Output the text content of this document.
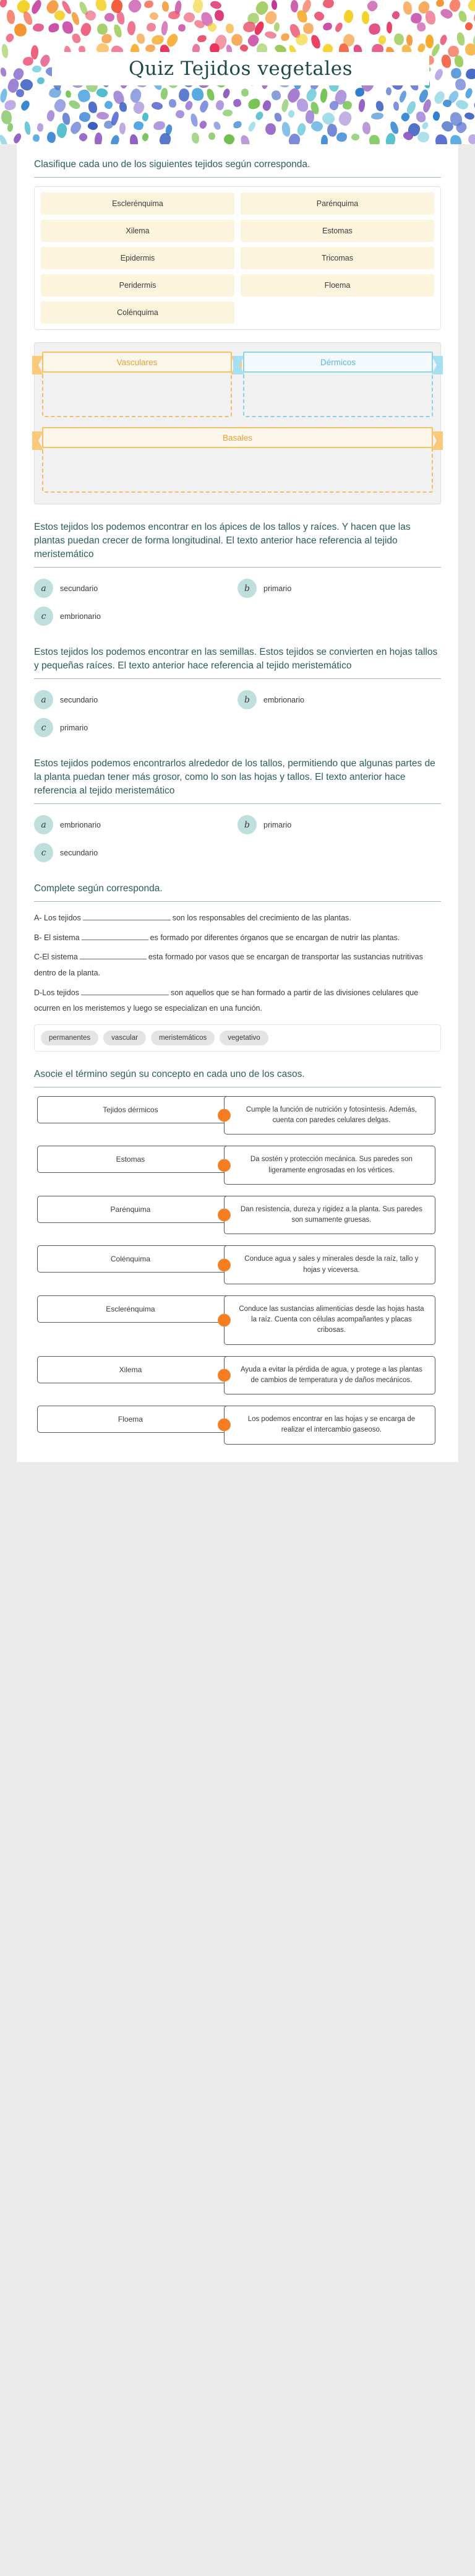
Quiz Tejidos vegetales
Clasifique cada uno de los siguientes tejidos según corresponda.
Esclerénquima	Parénquima
Xilema	Estomas
Epidermis	Tricomas
Peridermis	Floema
Colénquima
Vasculares	Dérmicos
Basales
Estos tejidos los podemos encontrar en los ápices de los tallos y raíces. Y hacen que las plantas puedan crecer de forma longitudinal. El texto anterior hace referencia al tejido meristemático
a	secundario	b	primario
c	embrionario
Estos tejidos los podemos encontrar en las semillas. Estos tejidos se convierten en hojas tallos y pequeñas raíces. El texto anterior hace referencia al tejido meristemático
a	secundario	b	embrionario
c	primario
Estos tejidos podemos encontrarlos alrededor de los tallos, permitiendo que algunas partes de la planta puedan tener más grosor, como lo son las hojas y tallos. El texto anterior hace referencia al tejido meristemático
a	embrionario	b	primario
c	secundario
Complete según corresponda.
A- Los tejidos	son los responsables del crecimiento de las plantas.
B- El sistema	es formado por diferentes órganos que se encargan de nutrir las plantas.
C-El sistema	esta formado por vasos que se encargan de transportar las sustancias nutritivas dentro de la planta.
D-Los tejidos	son aquellos que se han formado a partir de las divisiones celulares que ocurren en los meristemos y luego se especializan en una función.
permanentes	vascular	meristemáticos	vegetativo
Asocie el término según su concepto en cada uno de los casos.
Tejidos dérmicos	Cumple la función de nutrición y fotosíntesis. Además, cuenta con paredes celulares delgas.
Estomas	Da sostén y protección mecánica. Sus paredes son ligeramente engrosadas en los vértices.
Parénquima	Dan resistencia, dureza y rigidez a la planta. Sus paredes son sumamente gruesas.
Colénquima	Conduce agua y sales y minerales desde la raíz, tallo y hojas y viceversa.
Esclerénquima	Conduce las sustancias alimenticias desde las hojas hasta la raíz. Cuenta con células acompañantes y placas cribosas.
Xilema	Ayuda a evitar la pérdida de agua, y protege a las plantas de cambios de temperatura y de daños mecánicos.
Floema	Los podemos encontrar en las hojas y se encarga de realizar el intercambio gaseoso.
